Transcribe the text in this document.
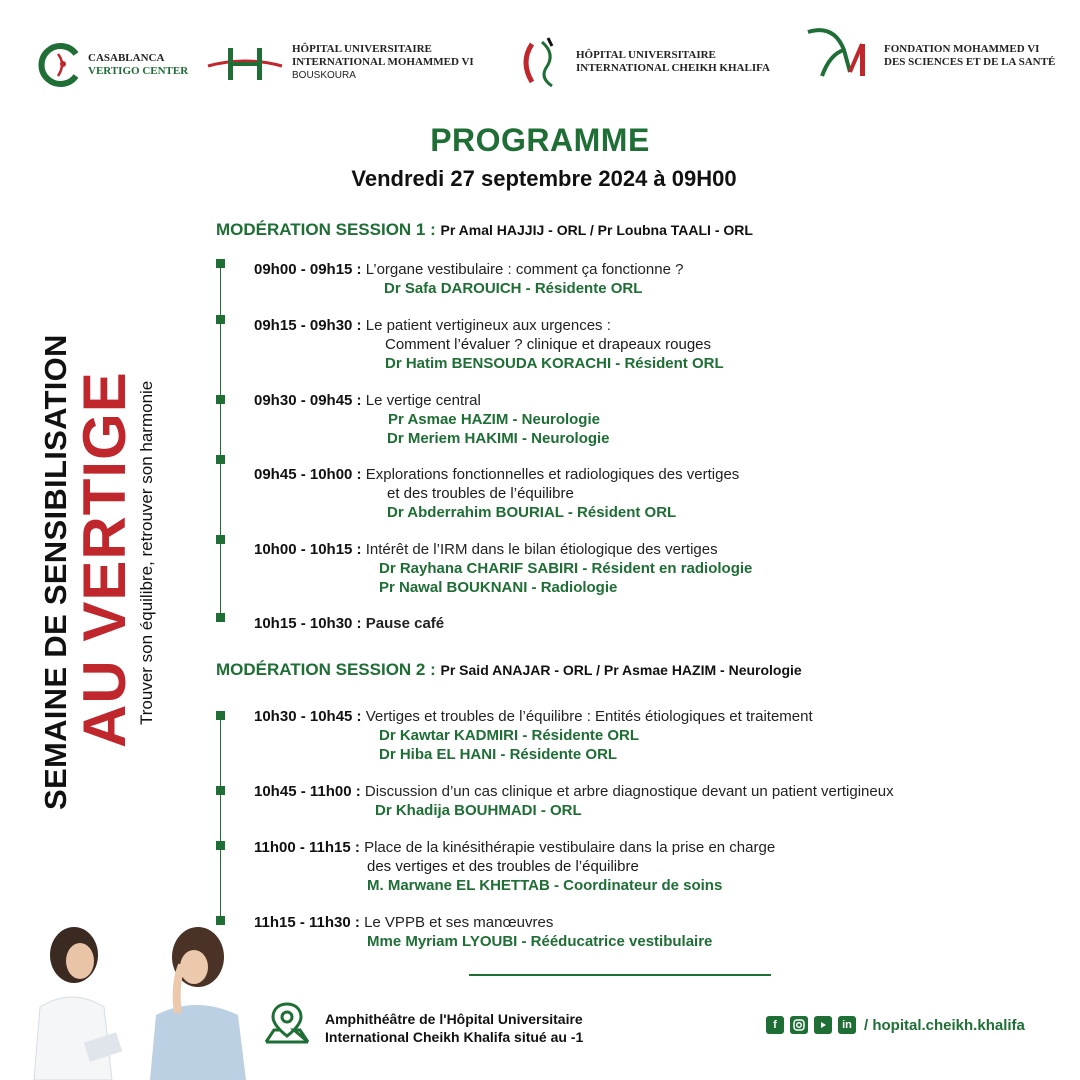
CASABLANCA
VERTIGO CENTER
HÔPITAL UNIVERSITAIRE
INTERNATIONAL MOHAMMED VI
BOUSKOURA
HÔPITAL UNIVERSITAIRE
INTERNATIONAL CHEIKH KHALIFA
FONDATION MOHAMMED VI
DES SCIENCES ET DE LA SANTÉ
PROGRAMME
Vendredi 27 septembre 2024 à 09H00
SEMAINE DE SENSIBILISATION
AU VERTIGE Trouver son équilibre, retrouver son harmonie
MODÉRATION SESSION 1 : Pr Amal HAJJIJ - ORL / Pr Loubna TAALI - ORL
09h00 - 09h15 : L’organe vestibulaire : comment ça fonctionne ?
Dr Safa DAROUICH - Résidente ORL
09h15 - 09h30 : Le patient vertigineux aux urgences :
Comment l’évaluer ? clinique et drapeaux rouges
Dr Hatim BENSOUDA KORACHI - Résident ORL
09h30 - 09h45 : Le vertige central
Pr Asmae HAZIM - Neurologie
Dr Meriem HAKIMI - Neurologie
09h45 - 10h00 : Explorations fonctionnelles et radiologiques des vertiges
et des troubles de l’équilibre
Dr Abderrahim BOURIAL - Résident ORL
10h00 - 10h15 : Intérêt de l’IRM dans le bilan étiologique des vertiges
Dr Rayhana CHARIF SABIRI - Résident en radiologie
Pr Nawal BOUKNANI - Radiologie
10h15 - 10h30 : Pause café
MODÉRATION SESSION 2 : Pr Said ANAJAR - ORL / Pr Asmae HAZIM - Neurologie
10h30 - 10h45 : Vertiges et troubles de l’équilibre : Entités étiologiques et traitement
Dr Kawtar KADMIRI - Résidente ORL
Dr Hiba EL HANI - Résidente ORL
10h45 - 11h00 : Discussion d’un cas clinique et arbre diagnostique devant un patient vertigineux
Dr Khadija BOUHMADI - ORL
11h00 - 11h15 : Place de la kinésithérapie vestibulaire dans la prise en charge
des vertiges et des troubles de l’équilibre
M. Marwane EL KHETTAB - Coordinateur de soins
11h15 - 11h30 : Le VPPB et ses manœuvres
Mme Myriam LYOUBI - Rééducatrice vestibulaire
Amphithéâtre de l'Hôpital Universitaire
International Cheikh Khalifa situé au -1
f	in / hopital.cheikh.khalifa
